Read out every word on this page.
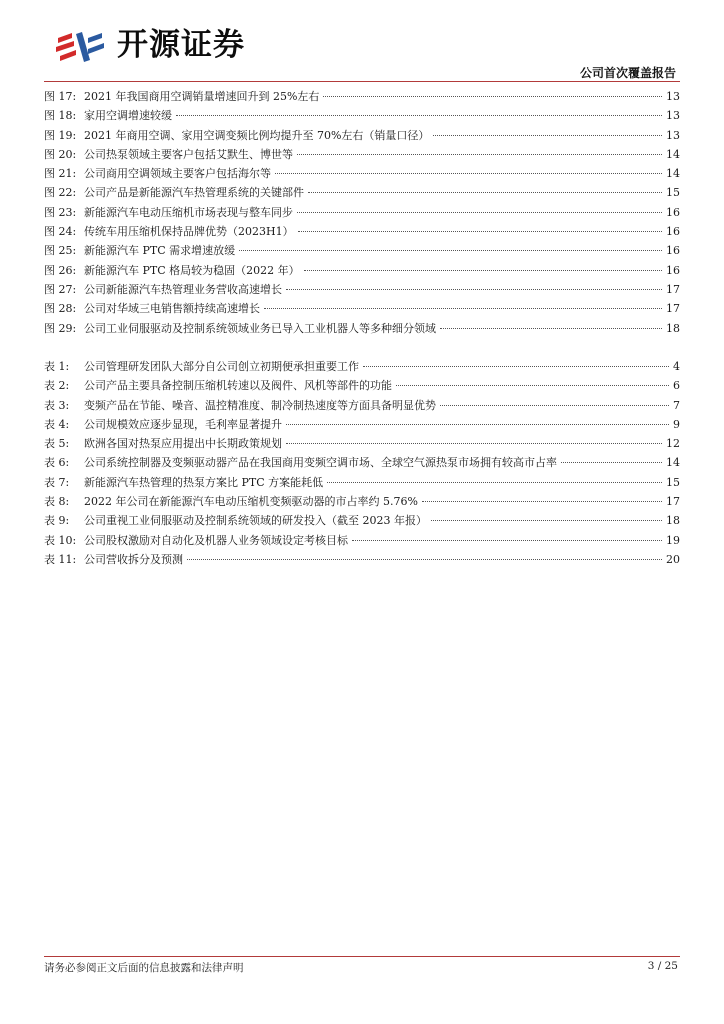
开源证券
公司首次覆盖报告
图 17: 2021 年我国商用空调销量增速回升到 25%左右	13
图 18: 家用空调增速较缓	13
图 19: 2021 年商用空调、家用空调变频比例均提升至 70%左右（销量口径）	13
图 20: 公司热泵领域主要客户包括艾默生、博世等	14
图 21: 公司商用空调领域主要客户包括海尔等	14
图 22: 公司产品是新能源汽车热管理系统的关键部件	15
图 23: 新能源汽车电动压缩机市场表现与整车同步	16
图 24: 传统车用压缩机保持品牌优势（2023H1）	16
图 25: 新能源汽车 PTC 需求增速放缓	16
图 26: 新能源汽车 PTC 格局较为稳固（2022 年）	16
图 27: 公司新能源汽车热管理业务营收高速增长	17
图 28: 公司对华域三电销售额持续高速增长	17
图 29: 公司工业伺服驱动及控制系统领域业务已导入工业机器人等多种细分领域	18
表 1:	公司管理研发团队大部分自公司创立初期便承担重要工作	4
表 2:	公司产品主要具备控制压缩机转速以及阀件、风机等部件的功能	6
表 3:	变频产品在节能、噪音、温控精准度、制冷制热速度等方面具备明显优势	7
表 4:	公司规模效应逐步显现，毛利率显著提升	9
表 5:	欧洲各国对热泵应用提出中长期政策规划	12
表 6:	公司系统控制器及变频驱动器产品在我国商用变频空调市场、全球空气源热泵市场拥有较高市占率	14
表 7:	新能源汽车热管理的热泵方案比 PTC 方案能耗低	15
表 8:	2022 年公司在新能源汽车电动压缩机变频驱动器的市占率约 5.76%	17
表 9:	公司重视工业伺服驱动及控制系统领域的研发投入（截至 2023 年报）	18
表 10: 公司股权激励对自动化及机器人业务领域设定考核目标	19
表 11: 公司营收拆分及预测	20
请务必参阅正文后面的信息披露和法律声明	3 / 25
